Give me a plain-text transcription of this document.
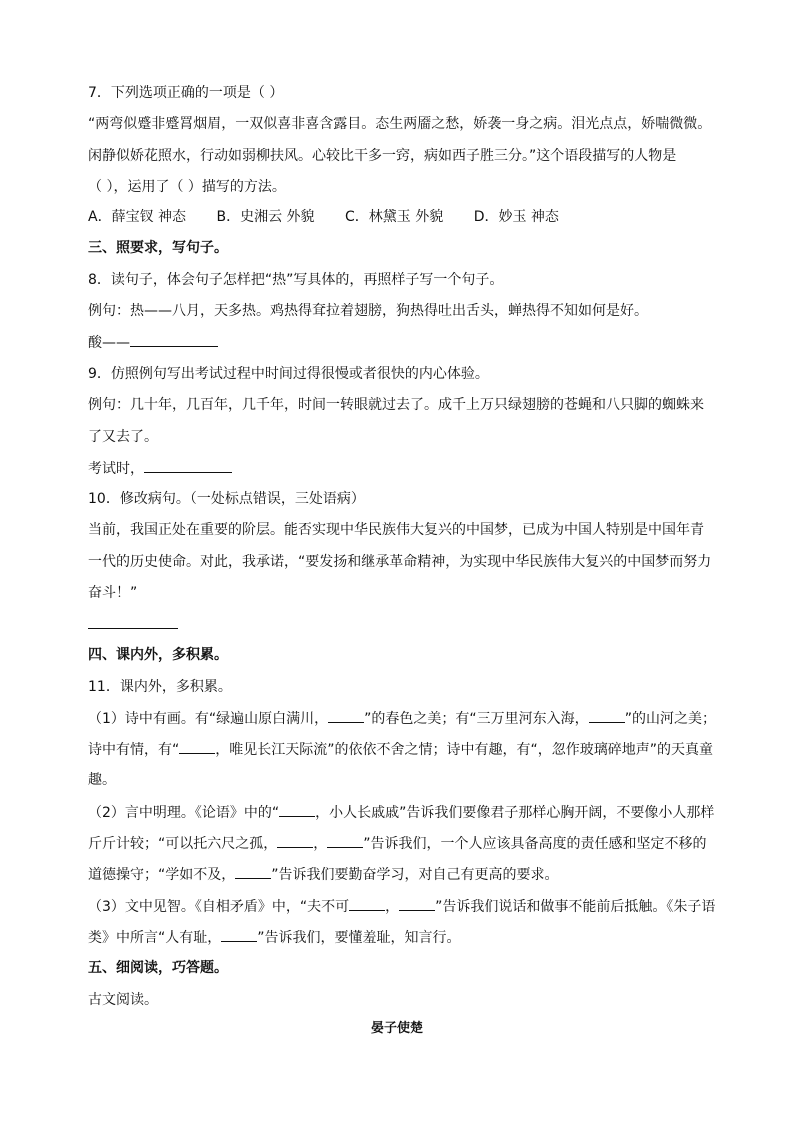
7．下列选项正确的一项是（ ）
“两弯似蹙非蹙罥烟眉，一双似喜非喜含露目。态生两靥之愁，娇袭一身之病。泪光点点，娇喘微微。
闲静似娇花照水，行动如弱柳扶风。心较比干多一窍，病如西子胜三分。”这个语段描写的人物是
（ ），运用了（ ）描写的方法。
A．薛宝钗 神态 B．史湘云 外貌 C．林黛玉 外貌 D．妙玉 神态
三、照要求，写句子。
8．读句子，体会句子怎样把“热”写具体的，再照样子写一个句子。
例句：热——八月，天多热。鸡热得耷拉着翅膀，狗热得吐出舌头，蝉热得不知如何是好。
酸——
9．仿照例句写出考试过程中时间过得很慢或者很快的内心体验。
例句：几十年，几百年，几千年，时间一转眼就过去了。成千上万只绿翅膀的苍蝇和八只脚的蜘蛛来
了又去了。
考试时，
10．修改病句。（一处标点错误，三处语病）
当前，我国正处在重要的阶层。能否实现中华民族伟大复兴的中国梦，已成为中国人特别是中国年青
一代的历史使命。对此，我承诺，“要发扬和继承革命精神，为实现中华民族伟大复兴的中国梦而努力
奋斗！”
四、课内外，多积累。
11．课内外，多积累。
（1）诗中有画。有“绿遍山原白满川，	”的春色之美；有“三万里河东入海，	”的山河之美；
诗中有情，有“	，唯见长江天际流”的依依不舍之情；诗中有趣，有“，忽作玻璃碎地声”的天真童
趣。
（2）言中明理。《论语》中的“	，小人长戚戚”告诉我们要像君子那样心胸开阔，不要像小人那样
斤斤计较；“可以托六尺之孤，	，	”告诉我们，一个人应该具备高度的责任感和坚定不移的
道德操守；“学如不及，	”告诉我们要勤奋学习，对自己有更高的要求。
（3）文中见智。《自相矛盾》中，“夫不可	，	”告诉我们说话和做事不能前后抵触。《朱子语
类》中所言“人有耻，	”告诉我们，要懂羞耻，知言行。
五、细阅读，巧答题。
古文阅读。
晏子使楚
